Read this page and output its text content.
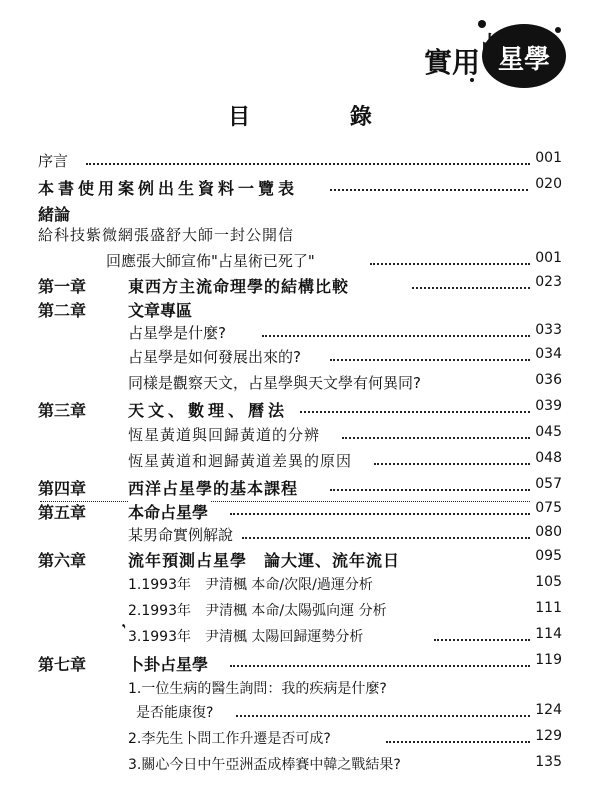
實用
占
星學
目 錄
序言	001
本書使用案例出生資料一覽表	020
緒論
給科技紫微網張盛舒大師一封公開信
回應張大師宣佈"占星術已死了"	001
第一章	東西方主流命理學的結構比較	023
第二章	文章專區
占星學是什麼?	033
占星學是如何發展出來的?	034
同樣是觀察天文，占星學與天文學有何異同?	036
第三章	天文、數理、曆法	039
恆星黃道與回歸黃道的分辨	045
恆星黃道和迴歸黃道差異的原因	048
第四章	西洋占星學的基本課程	057
第五章	本命占星學	075
某男命實例解說	080
第六章	流年預測占星學　論大運、流年流日	095
1.1993年　尹清楓 本命/次限/過運分析	105
2.1993年　尹清楓 本命/太陽弧向運 分析	111
3.1993年　尹清楓 太陽回歸運勢分析	114
第七章	卜卦占星學	119
1.一位生病的醫生詢問：我的疾病是什麼?
是否能康復?	124
2.李先生卜問工作升遷是否可成?	129
3.關心今日中午亞洲盃成棒賽中韓之戰結果?	135
❜
